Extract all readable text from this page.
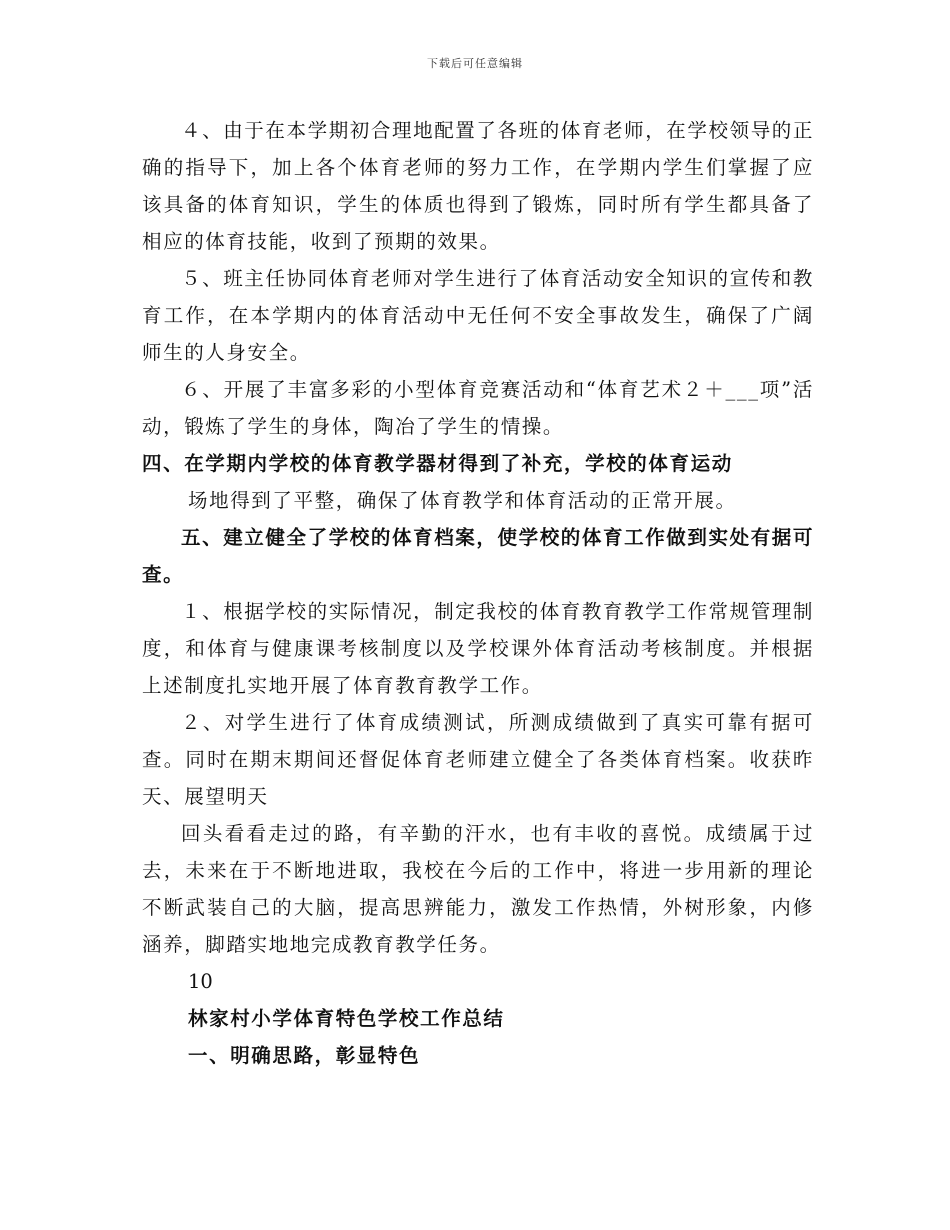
下载后可任意编辑

４、由于在本学期初合理地配置了各班的体育老师，在学校领导的正确的指导下，加上各个体育老师的努力工作，在学期内学生们掌握了应该具备的体育知识，学生的体质也得到了锻炼，同时所有学生都具备了相应的体育技能，收到了预期的效果。

５、班主任协同体育老师对学生进行了体育活动安全知识的宣传和教育工作，在本学期内的体育活动中无任何不安全事故发生，确保了广阔师生的人身安全。

６、开展了丰富多彩的小型体育竞赛活动和“体育艺术２＋___项”活动，锻炼了学生的身体，陶冶了学生的情操。

四、在学期内学校的体育教学器材得到了补充，学校的体育运动
场地得到了平整，确保了体育教学和体育活动的正常开展。

五、建立健全了学校的体育档案，使学校的体育工作做到实处有据可查。

１、根据学校的实际情况，制定我校的体育教育教学工作常规管理制度，和体育与健康课考核制度以及学校课外体育活动考核制度。并根据上述制度扎实地开展了体育教育教学工作。

２、对学生进行了体育成绩测试，所测成绩做到了真实可靠有据可查。同时在期末期间还督促体育老师建立健全了各类体育档案。收获昨天、展望明天

回头看看走过的路，有辛勤的汗水，也有丰收的喜悦。成绩属于过去，未来在于不断地进取，我校在今后的工作中，将进一步用新的理论不断武装自己的大脑，提高思辨能力，激发工作热情，外树形象，内修涵养，脚踏实地地完成教育教学任务。

10

林家村小学体育特色学校工作总结

一、明确思路，彰显特色
